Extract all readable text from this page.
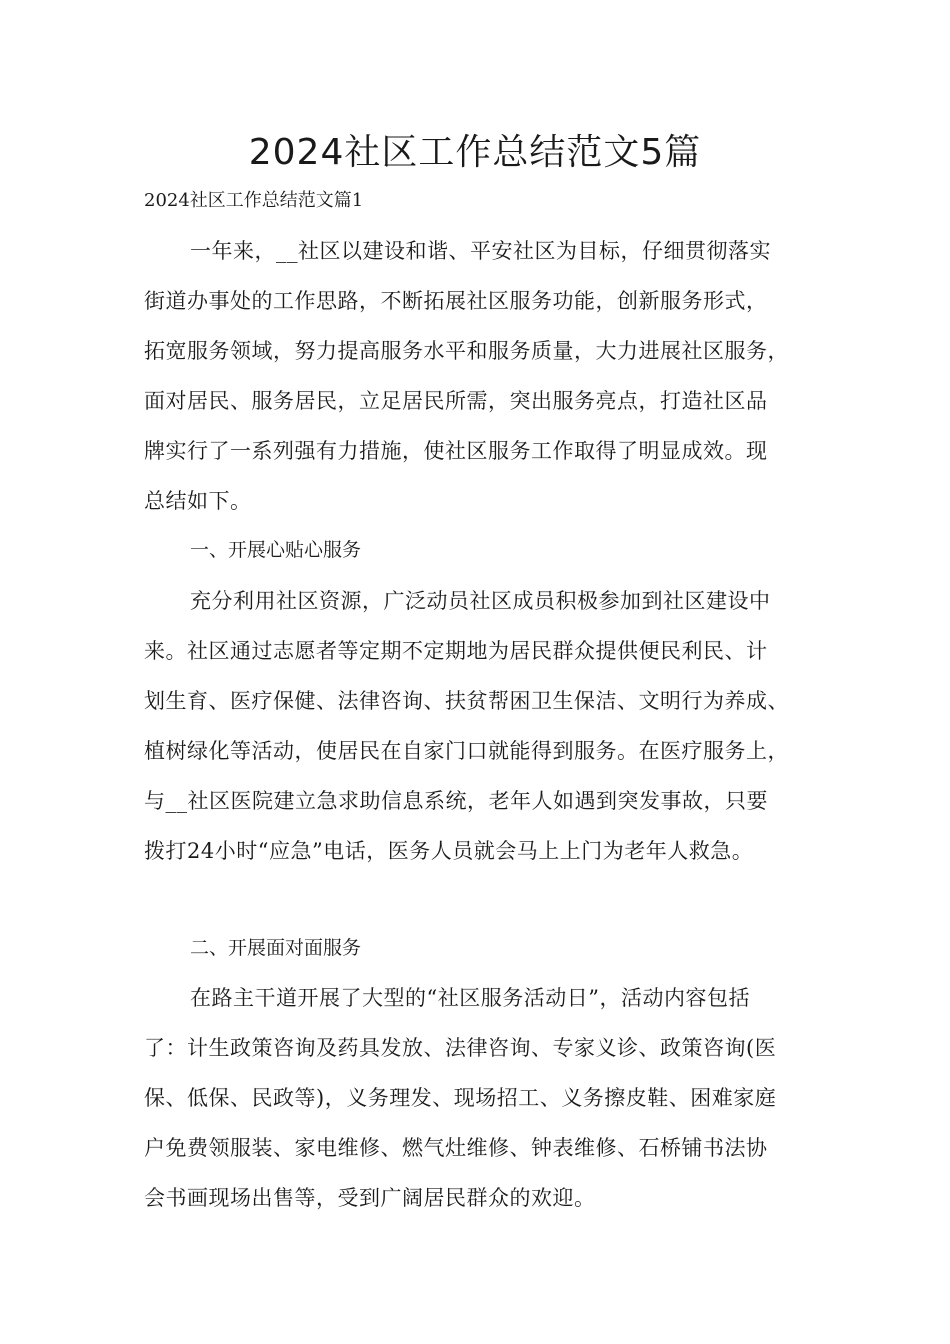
2024社区工作总结范文5篇

2024社区工作总结范文篇1

一年来，__社区以建设和谐、平安社区为目标，仔细贯彻落实
街道办事处的工作思路，不断拓展社区服务功能，创新服务形式，
拓宽服务领域，努力提高服务水平和服务质量，大力进展社区服务，
面对居民、服务居民，立足居民所需，突出服务亮点，打造社区品
牌实行了一系列强有力措施，使社区服务工作取得了明显成效。现
总结如下。

一、开展心贴心服务

充分利用社区资源，广泛动员社区成员积极参加到社区建设中
来。社区通过志愿者等定期不定期地为居民群众提供便民利民、计
划生育、医疗保健、法律咨询、扶贫帮困卫生保洁、文明行为养成、
植树绿化等活动，使居民在自家门口就能得到服务。在医疗服务上，
与__社区医院建立急求助信息系统，老年人如遇到突发事故，只要
拨打24小时“应急”电话，医务人员就会马上上门为老年人救急。

二、开展面对面服务

在路主干道开展了大型的“社区服务活动日”，活动内容包括
了：计生政策咨询及药具发放、法律咨询、专家义诊、政策咨询(医
保、低保、民政等)，义务理发、现场招工、义务擦皮鞋、困难家庭
户免费领服装、家电维修、燃气灶维修、钟表维修、石桥铺书法协
会书画现场出售等，受到广阔居民群众的欢迎。
